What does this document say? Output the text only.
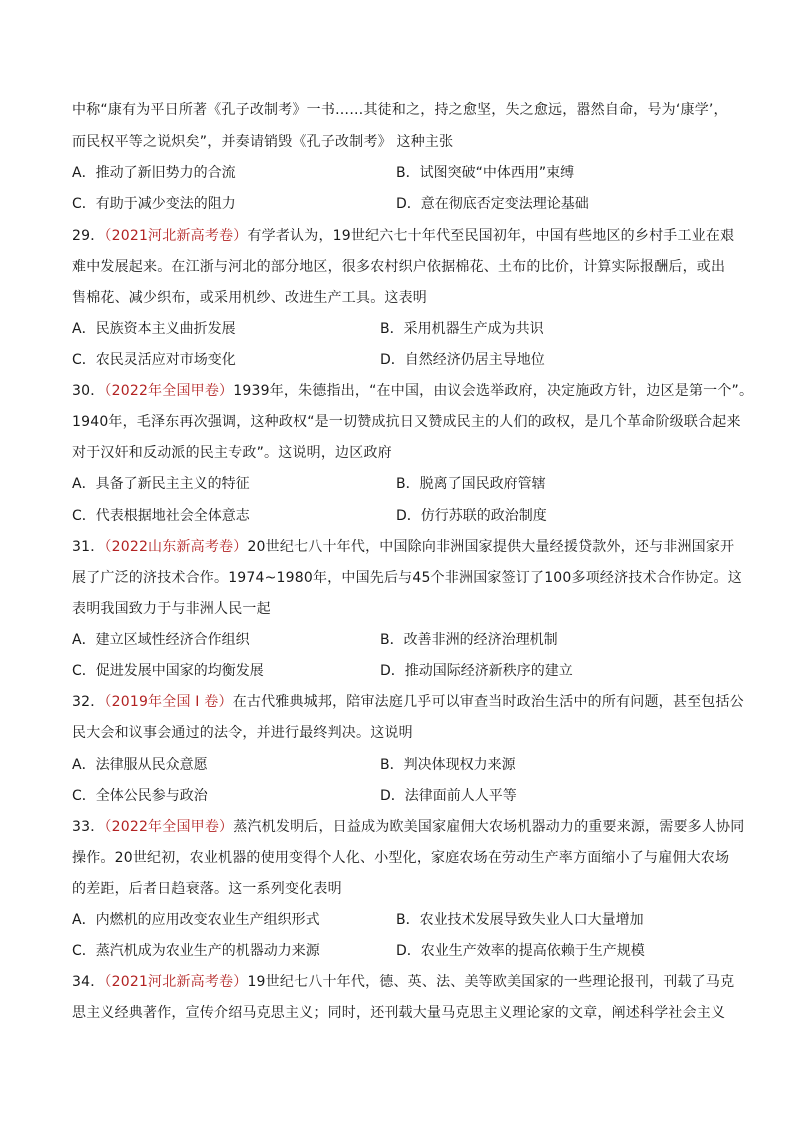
中称“康有为平日所著《孔子改制考》一书……其徒和之，持之愈坚，失之愈远，嚣然自命，号为‘康学’，
而民权平等之说炽矣”，并奏请销毁《孔子改制考》 这种主张
A．推动了新旧势力的合流	B．试图突破“中体西用”束缚
C．有助于减少变法的阻力	D．意在彻底否定变法理论基础
29．（2021河北新高考卷）有学者认为，19世纪六七十年代至民国初年，中国有些地区的乡村手工业在艰
难中发展起来。在江浙与河北的部分地区，很多农村织户依据棉花、土布的比价，计算实际报酬后，或出
售棉花、减少织布，或采用机纱、改进生产工具。这表明
A．民族资本主义曲折发展	B．采用机器生产成为共识
C．农民灵活应对市场变化	D．自然经济仍居主导地位
30．（2022年全国甲卷）1939年，朱德指出，“在中国，由议会选举政府，决定施政方针，边区是第一个”。
1940年，毛泽东再次强调，这种政权“是一切赞成抗日又赞成民主的人们的政权，是几个革命阶级联合起来
对于汉奸和反动派的民主专政”。这说明，边区政府
A．具备了新民主主义的特征	B．脱离了国民政府管辖
C．代表根据地社会全体意志	D．仿行苏联的政治制度
31．（2022山东新高考卷）20世纪七八十年代，中国除向非洲国家提供大量经援贷款外，还与非洲国家开
展了广泛的济技术合作。1974~1980年，中国先后与45个非洲国家签订了100多项经济技术合作协定。这
表明我国致力于与非洲人民一起
A．建立区域性经济合作组织	B．改善非洲的经济治理机制
C．促进发展中国家的均衡发展	D．推动国际经济新秩序的建立
32．（2019年全国 I 卷）在古代雅典城邦，陪审法庭几乎可以审查当时政治生活中的所有问题，甚至包括公
民大会和议事会通过的法令，并进行最终判决。这说明
A．法律服从民众意愿	B．判决体现权力来源
C．全体公民参与政治	D．法律面前人人平等
33．（2022年全国甲卷）蒸汽机发明后，日益成为欧美国家雇佣大农场机器动力的重要来源，需要多人协同
操作。20世纪初，农业机器的使用变得个人化、小型化，家庭农场在劳动生产率方面缩小了与雇佣大农场
的差距，后者日趋衰落。这一系列变化表明
A．内燃机的应用改变农业生产组织形式	B．农业技术发展导致失业人口大量增加
C．蒸汽机成为农业生产的机器动力来源	D．农业生产效率的提高依赖于生产规模
34．（2021河北新高考卷）19世纪七八十年代，德、英、法、美等欧美国家的一些理论报刊，刊载了马克
思主义经典著作，宣传介绍马克思主义；同时，还刊载大量马克思主义理论家的文章，阐述科学社会主义
